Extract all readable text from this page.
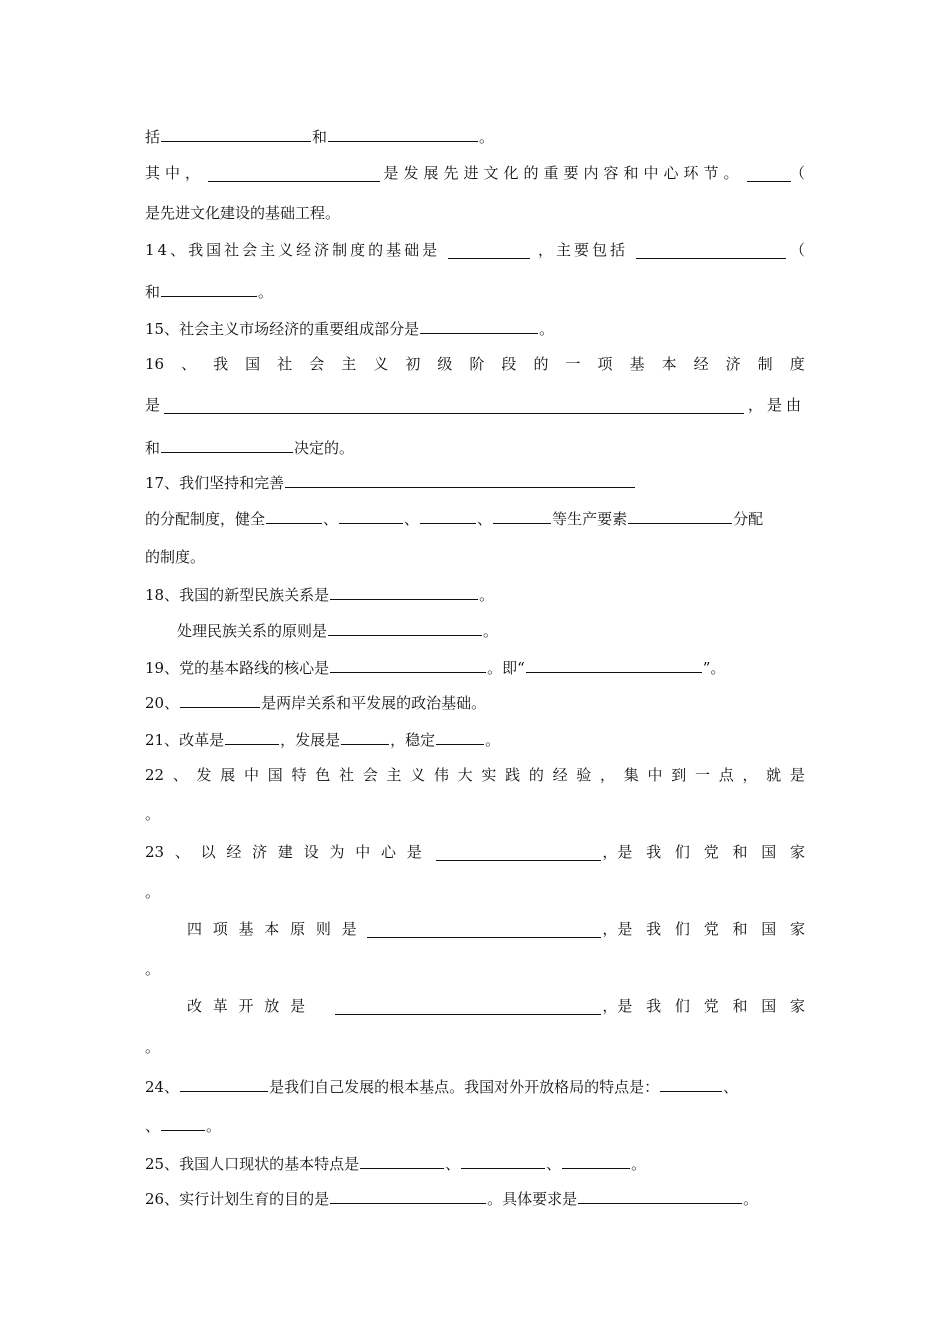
括	和	。
其中，	是发展先进文化的重要内容和中心环节。	（
是先进文化建设的基础工程。
14、我国社会主义经济制度的基础是	，主要包括	（
和	。
15、社会主义市场经济的重要组成部分是	。
16 、 我 国 社 会 主 义 初 级 阶 段 的 一 项 基 本 经 济 制 度
是	，是由
和	决定的。
17、我们坚持和完善
的分配制度，健全	、	、	、	等生产要素	分配
的制度。
18、我国的新型民族关系是	。
处理民族关系的原则是	。
19、党的基本路线的核心是	。即“	”。
20、	是两岸关系和平发展的政治基础。
21、改革是	，发展是	，稳定	。
22 、 发 展 中 国 特 色 社 会 主 义 伟 大 实 践 的 经 验 ， 集 中 到 一 点 ， 就 是
。
23 、 以 经 济 建 设 为 中 心 是	， 是 我 们 党 和 国 家
。
四 项 基 本 原 则 是	， 是 我 们 党 和 国 家
。
改 革 开 放 是	， 是 我 们 党 和 国 家
。
24、	是我们自己发展的根本基点。我国对外开放格局的特点是：	、
、	。
25、我国人口现状的基本特点是	、	、	。
26、实行计划生育的目的是	。具体要求是	。
